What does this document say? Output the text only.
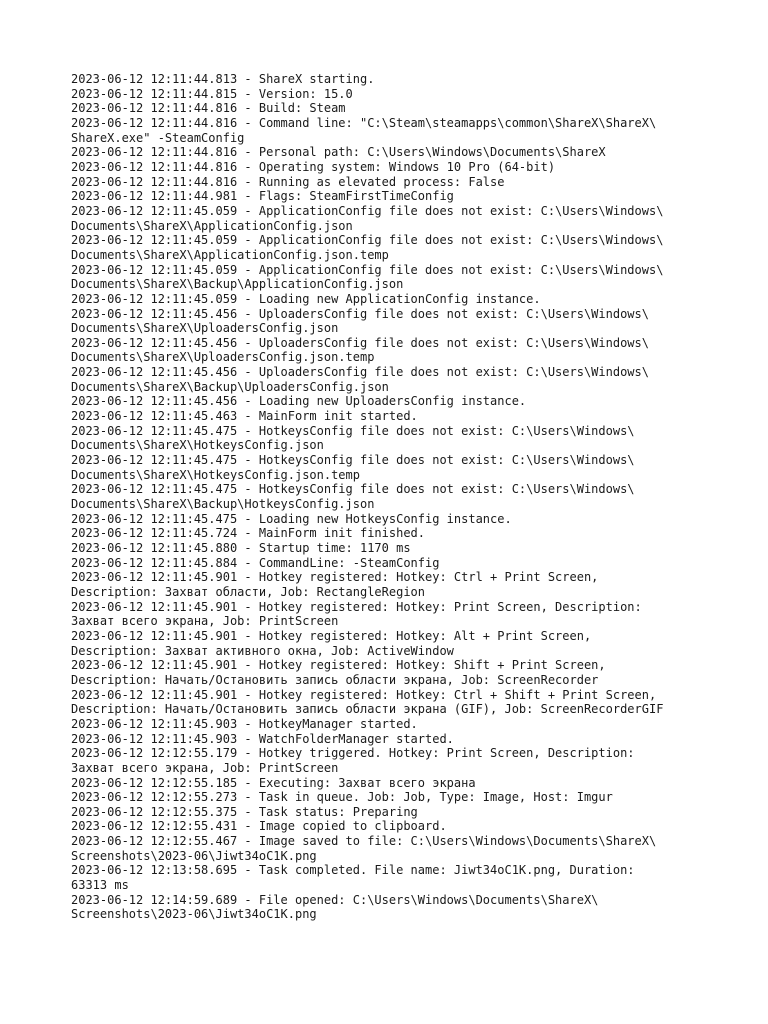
2023-06-12 12:11:44.813 - ShareX starting.
2023-06-12 12:11:44.815 - Version: 15.0
2023-06-12 12:11:44.816 - Build: Steam
2023-06-12 12:11:44.816 - Command line: "C:\Steam\steamapps\common\ShareX\ShareX\
ShareX.exe" -SteamConfig
2023-06-12 12:11:44.816 - Personal path: C:\Users\Windows\Documents\ShareX
2023-06-12 12:11:44.816 - Operating system: Windows 10 Pro (64-bit)
2023-06-12 12:11:44.816 - Running as elevated process: False
2023-06-12 12:11:44.981 - Flags: SteamFirstTimeConfig
2023-06-12 12:11:45.059 - ApplicationConfig file does not exist: C:\Users\Windows\
Documents\ShareX\ApplicationConfig.json
2023-06-12 12:11:45.059 - ApplicationConfig file does not exist: C:\Users\Windows\
Documents\ShareX\ApplicationConfig.json.temp
2023-06-12 12:11:45.059 - ApplicationConfig file does not exist: C:\Users\Windows\
Documents\ShareX\Backup\ApplicationConfig.json
2023-06-12 12:11:45.059 - Loading new ApplicationConfig instance.
2023-06-12 12:11:45.456 - UploadersConfig file does not exist: C:\Users\Windows\
Documents\ShareX\UploadersConfig.json
2023-06-12 12:11:45.456 - UploadersConfig file does not exist: C:\Users\Windows\
Documents\ShareX\UploadersConfig.json.temp
2023-06-12 12:11:45.456 - UploadersConfig file does not exist: C:\Users\Windows\
Documents\ShareX\Backup\UploadersConfig.json
2023-06-12 12:11:45.456 - Loading new UploadersConfig instance.
2023-06-12 12:11:45.463 - MainForm init started.
2023-06-12 12:11:45.475 - HotkeysConfig file does not exist: C:\Users\Windows\
Documents\ShareX\HotkeysConfig.json
2023-06-12 12:11:45.475 - HotkeysConfig file does not exist: C:\Users\Windows\
Documents\ShareX\HotkeysConfig.json.temp
2023-06-12 12:11:45.475 - HotkeysConfig file does not exist: C:\Users\Windows\
Documents\ShareX\Backup\HotkeysConfig.json
2023-06-12 12:11:45.475 - Loading new HotkeysConfig instance.
2023-06-12 12:11:45.724 - MainForm init finished.
2023-06-12 12:11:45.880 - Startup time: 1170 ms
2023-06-12 12:11:45.884 - CommandLine: -SteamConfig
2023-06-12 12:11:45.901 - Hotkey registered: Hotkey: Ctrl + Print Screen,
Description: Захват области, Job: RectangleRegion
2023-06-12 12:11:45.901 - Hotkey registered: Hotkey: Print Screen, Description:
Захват всего экрана, Job: PrintScreen
2023-06-12 12:11:45.901 - Hotkey registered: Hotkey: Alt + Print Screen,
Description: Захват активного окна, Job: ActiveWindow
2023-06-12 12:11:45.901 - Hotkey registered: Hotkey: Shift + Print Screen,
Description: Начать/Остановить запись области экрана, Job: ScreenRecorder
2023-06-12 12:11:45.901 - Hotkey registered: Hotkey: Ctrl + Shift + Print Screen,
Description: Начать/Остановить запись области экрана (GIF), Job: ScreenRecorderGIF
2023-06-12 12:11:45.903 - HotkeyManager started.
2023-06-12 12:11:45.903 - WatchFolderManager started.
2023-06-12 12:12:55.179 - Hotkey triggered. Hotkey: Print Screen, Description:
Захват всего экрана, Job: PrintScreen
2023-06-12 12:12:55.185 - Executing: Захват всего экрана
2023-06-12 12:12:55.273 - Task in queue. Job: Job, Type: Image, Host: Imgur
2023-06-12 12:12:55.375 - Task status: Preparing
2023-06-12 12:12:55.431 - Image copied to clipboard.
2023-06-12 12:12:55.467 - Image saved to file: C:\Users\Windows\Documents\ShareX\
Screenshots\2023-06\Jiwt34oC1K.png
2023-06-12 12:13:58.695 - Task completed. File name: Jiwt34oC1K.png, Duration:
63313 ms
2023-06-12 12:14:59.689 - File opened: C:\Users\Windows\Documents\ShareX\
Screenshots\2023-06\Jiwt34oC1K.png
